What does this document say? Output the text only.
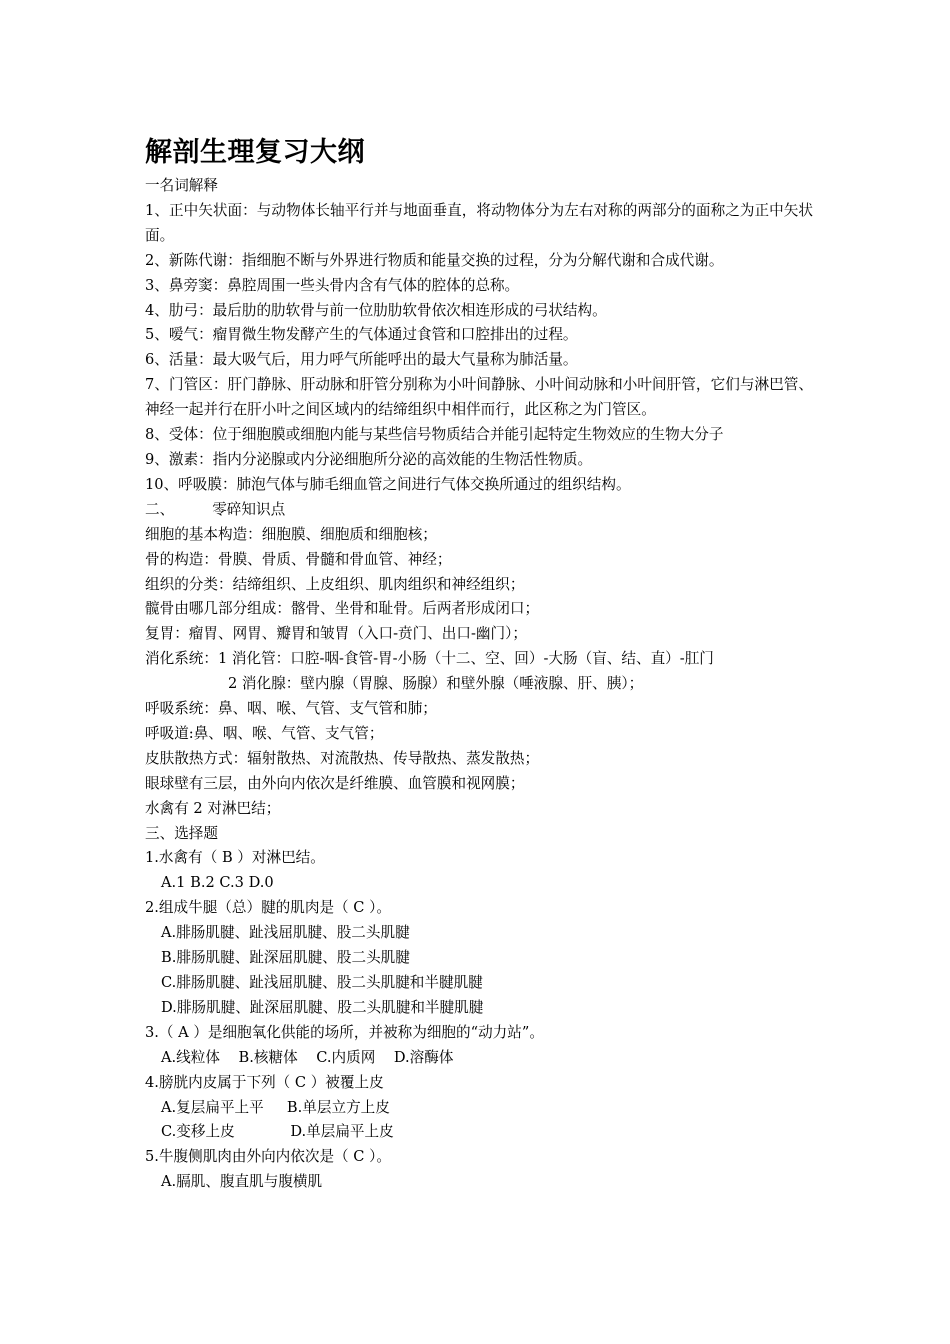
解剖生理复习大纲
一名词解释
1、正中矢状面：与动物体长轴平行并与地面垂直，将动物体分为左右对称的两部分的面称之为正中矢状面。
2、新陈代谢：指细胞不断与外界进行物质和能量交换的过程，分为分解代谢和合成代谢。
3、鼻旁窦：鼻腔周围一些头骨内含有气体的腔体的总称。
4、肋弓：最后肋的肋软骨与前一位肋肋软骨依次相连形成的弓状结构。
5、嗳气：瘤胃微生物发酵产生的气体通过食管和口腔排出的过程。
6、活量：最大吸气后，用力呼气所能呼出的最大气量称为肺活量。
7、门管区：肝门静脉、肝动脉和肝管分别称为小叶间静脉、小叶间动脉和小叶间肝管，它们与淋巴管、神经一起并行在肝小叶之间区域内的结缔组织中相伴而行，此区称之为门管区。
8、受体：位于细胞膜或细胞内能与某些信号物质结合并能引起特定生物效应的生物大分子
9、激素：指内分泌腺或内分泌细胞所分泌的高效能的生物活性物质。
10、呼吸膜：肺泡气体与肺毛细血管之间进行气体交换所通过的组织结构。
二、	零碎知识点
细胞的基本构造：细胞膜、细胞质和细胞核；
骨的构造：骨膜、骨质、骨髓和骨血管、神经；
组织的分类：结缔组织、上皮组织、肌肉组织和神经组织；
髋骨由哪几部分组成：髂骨、坐骨和耻骨。后两者形成闭口；
复胃：瘤胃、网胃、瓣胃和皱胃（入口-贲门、出口-幽门）；
消化系统：1 消化管：口腔-咽-食管-胃-小肠（十二、空、回）-大肠（盲、结、直）-肛门
2 消化腺：壁内腺（胃腺、肠腺）和壁外腺（唾液腺、肝、胰）；
呼吸系统：鼻、咽、喉、气管、支气管和肺；
呼吸道:鼻、咽、喉、气管、支气管；
皮肤散热方式：辐射散热、对流散热、传导散热、蒸发散热；
眼球壁有三层，由外向内依次是纤维膜、血管膜和视网膜；
水禽有 2 对淋巴结；
三、选择题
1.水禽有（ B ）对淋巴结。
A.1 B.2 C.3 D.0
2.组成牛腿（总）腱的肌肉是（ C ）。
A.腓肠肌腱、趾浅屈肌腱、股二头肌腱
B.腓肠肌腱、趾深屈肌腱、股二头肌腱
C.腓肠肌腱、趾浅屈肌腱、股二头肌腱和半腱肌腱
D.腓肠肌腱、趾深屈肌腱、股二头肌腱和半腱肌腱
3.（ A ）是细胞氧化供能的场所，并被称为细胞的“动力站”。
A.线粒体    B.核糖体    C.内质网    D.溶酶体
4.膀胱内皮属于下列（ C ）被覆上皮
A.复层扁平上平     B.单层立方上皮
C.变移上皮            D.单层扁平上皮
5.牛腹侧肌肉由外向内依次是（ C ）。
A.膈肌、腹直肌与腹横肌
